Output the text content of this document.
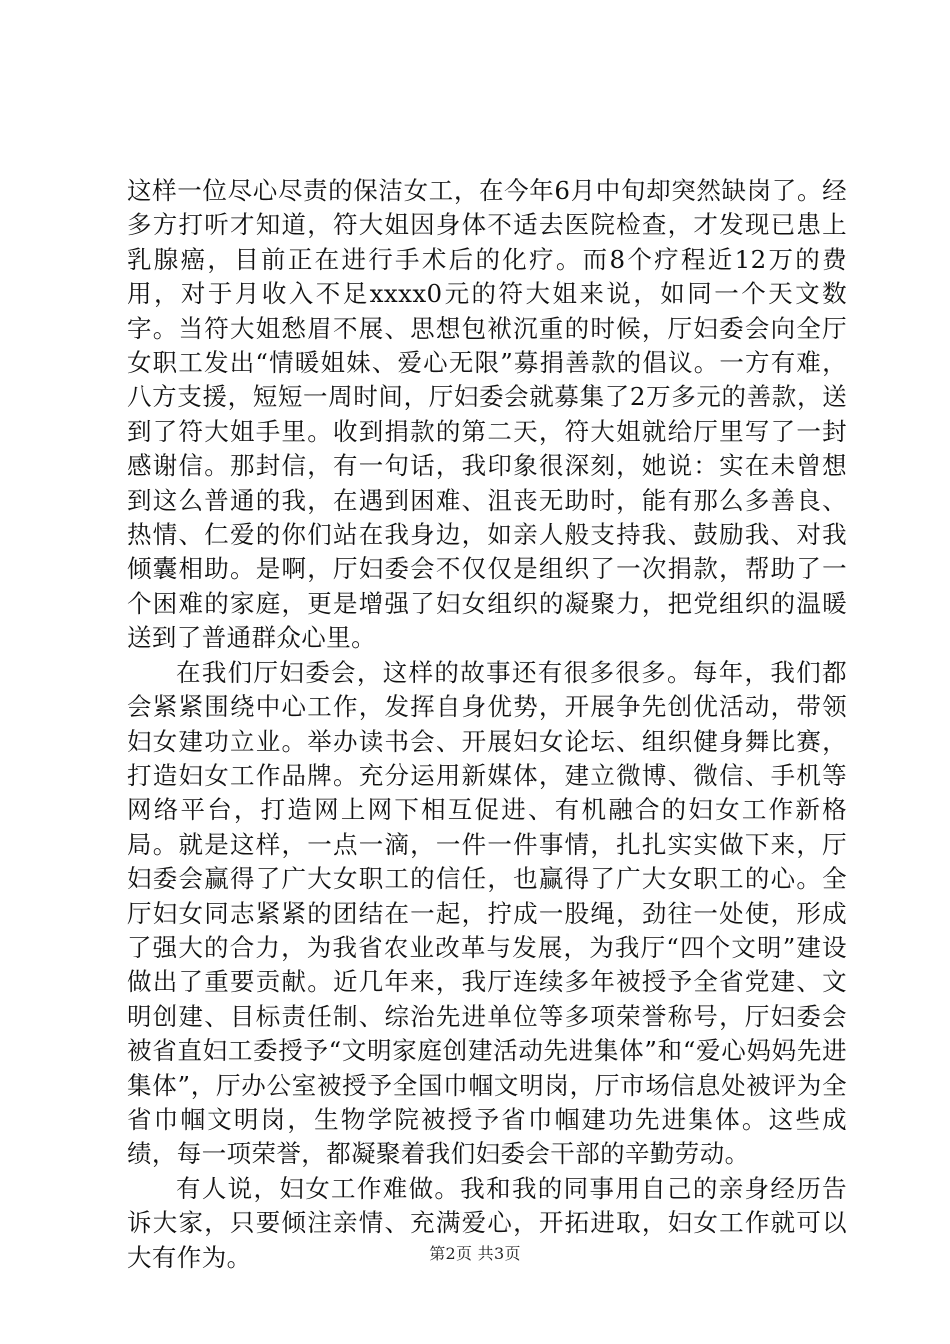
这样一位尽心尽责的保洁女工，在今年6月中旬却突然缺岗了。经多方打听才知道，符大姐因身体不适去医院检查，才发现已患上乳腺癌，目前正在进行手术后的化疗。而8个疗程近12万的费用，对于月收入不足xxxx0元的符大姐来说，如同一个天文数字。当符大姐愁眉不展、思想包袱沉重的时候，厅妇委会向全厅女职工发出“情暖姐妹、爱心无限”募捐善款的倡议。一方有难，八方支援，短短一周时间，厅妇委会就募集了2万多元的善款，送到了符大姐手里。收到捐款的第二天，符大姐就给厅里写了一封感谢信。那封信，有一句话，我印象很深刻，她说：实在未曾想到这么普通的我，在遇到困难、沮丧无助时，能有那么多善良、热情、仁爱的你们站在我身边，如亲人般支持我、鼓励我、对我倾囊相助。是啊，厅妇委会不仅仅是组织了一次捐款，帮助了一个困难的家庭，更是增强了妇女组织的凝聚力，把党组织的温暖送到了普通群众心里。

在我们厅妇委会，这样的故事还有很多很多。每年，我们都会紧紧围绕中心工作，发挥自身优势，开展争先创优活动，带领妇女建功立业。举办读书会、开展妇女论坛、组织健身舞比赛，打造妇女工作品牌。充分运用新媒体，建立微博、微信、手机等网络平台，打造网上网下相互促进、有机融合的妇女工作新格局。就是这样，一点一滴，一件一件事情，扎扎实实做下来，厅妇委会赢得了广大女职工的信任，也赢得了广大女职工的心。全厅妇女同志紧紧的团结在一起，拧成一股绳，劲往一处使，形成了强大的合力，为我省农业改革与发展，为我厅“四个文明”建设做出了重要贡献。近几年来，我厅连续多年被授予全省党建、文明创建、目标责任制、综治先进单位等多项荣誉称号，厅妇委会被省直妇工委授予“文明家庭创建活动先进集体”和“爱心妈妈先进集体”，厅办公室被授予全国巾帼文明岗，厅市场信息处被评为全省巾帼文明岗，生物学院被授予省巾帼建功先进集体。这些成绩，每一项荣誉，都凝聚着我们妇委会干部的辛勤劳动。

有人说，妇女工作难做。我和我的同事用自己的亲身经历告诉大家，只要倾注亲情、充满爱心，开拓进取，妇女工作就可以大有作为。	第2页 共3页
